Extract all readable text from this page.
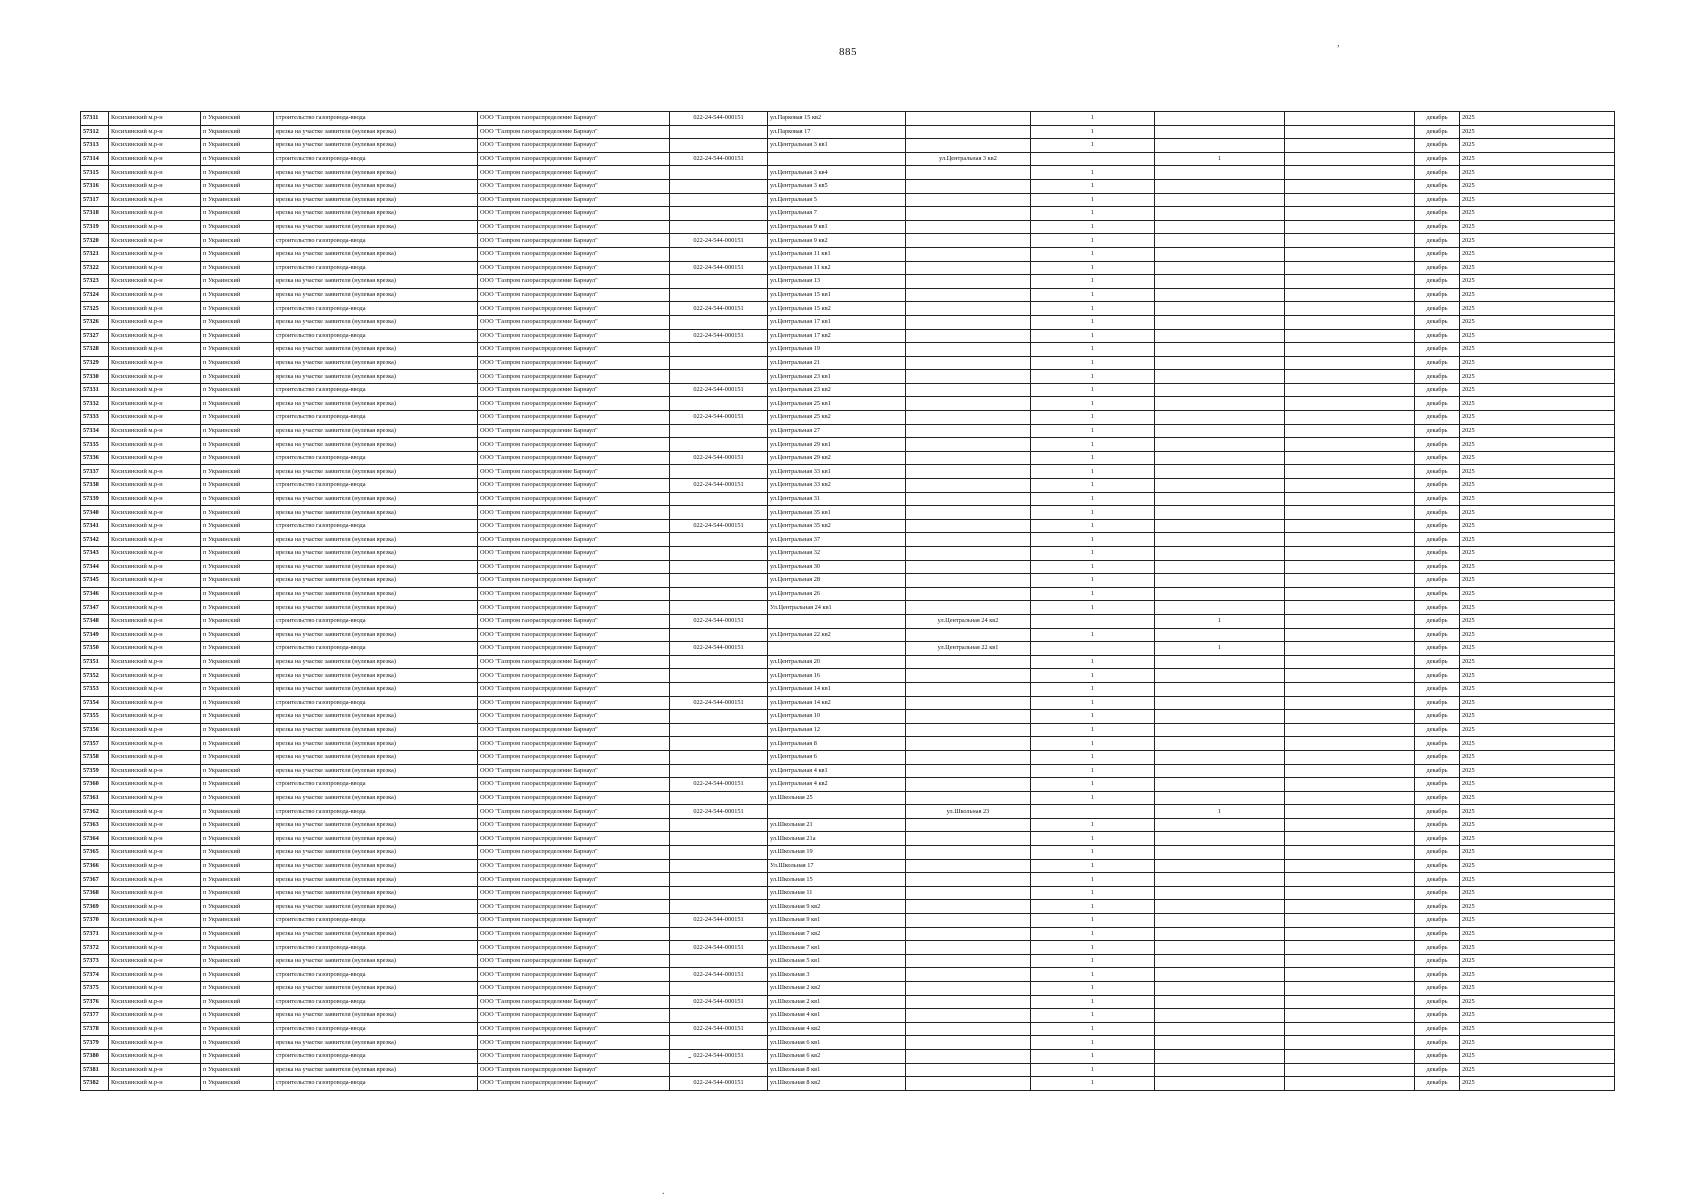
885
57311	Косихинский м.р-н	п Украинский	строительство газопровода-ввода	ООО "Газпром газораспределение Барнаул"	022-24-544-000151	ул.Парковая 15 кв2		1			декабрь	2025
57312	Косихинский м.р-н	п Украинский	врезка на участке заявителя (нулевая врезка)	ООО "Газпром газораспределение Барнаул"		ул.Парковая 17		1			декабрь	2025
57313	Косихинский м.р-н	п Украинский	врезка на участке заявителя (нулевая врезка)	ООО "Газпром газораспределение Барнаул"		ул.Центральная 3 кв1		1			декабрь	2025
57314	Косихинский м.р-н	п Украинский	строительство газопровода-ввода	ООО "Газпром газораспределение Барнаул"	022-24-544-000151		ул.Центральная 3 кв2		1		декабрь	2025
57315	Косихинский м.р-н	п Украинский	врезка на участке заявителя (нулевая врезка)	ООО "Газпром газораспределение Барнаул"		ул.Центральная 3 кв4		1			декабрь	2025
57316	Косихинский м.р-н	п Украинский	врезка на участке заявителя (нулевая врезка)	ООО "Газпром газораспределение Барнаул"		ул.Центральная 3 кв5		1			декабрь	2025
57317	Косихинский м.р-н	п Украинский	врезка на участке заявителя (нулевая врезка)	ООО "Газпром газораспределение Барнаул"		ул.Центральная 5		1			декабрь	2025
57318	Косихинский м.р-н	п Украинский	врезка на участке заявителя (нулевая врезка)	ООО "Газпром газораспределение Барнаул"		ул.Центральная 7		1			декабрь	2025
57319	Косихинский м.р-н	п Украинский	врезка на участке заявителя (нулевая врезка)	ООО "Газпром газораспределение Барнаул"		ул.Центральная 9 кв1		1			декабрь	2025
57320	Косихинский м.р-н	п Украинский	строительство газопровода-ввода	ООО "Газпром газораспределение Барнаул"	022-24-544-000151	ул.Центральная 9 кв2		1			декабрь	2025
57321	Косихинский м.р-н	п Украинский	врезка на участке заявителя (нулевая врезка)	ООО "Газпром газораспределение Барнаул"		ул.Центральная 11 кв1		1			декабрь	2025
57322	Косихинский м.р-н	п Украинский	строительство газопровода-ввода	ООО "Газпром газораспределение Барнаул"	022-24-544-000151	ул.Центральная 11 кв2		1			декабрь	2025
57323	Косихинский м.р-н	п Украинский	врезка на участке заявителя (нулевая врезка)	ООО "Газпром газораспределение Барнаул"		ул.Центральная 13		1			декабрь	2025
57324	Косихинский м.р-н	п Украинский	врезка на участке заявителя (нулевая врезка)	ООО "Газпром газораспределение Барнаул"		ул.Центральная 15 кв1		1			декабрь	2025
57325	Косихинский м.р-н	п Украинский	строительство газопровода-ввода	ООО "Газпром газораспределение Барнаул"	022-24-544-000151	ул.Центральная 15 кв2		1			декабрь	2025
57326	Косихинский м.р-н	п Украинский	врезка на участке заявителя (нулевая врезка)	ООО "Газпром газораспределение Барнаул"		ул.Центральная 17 кв1		1			декабрь	2025
57327	Косихинский м.р-н	п Украинский	строительство газопровода-ввода	ООО "Газпром газораспределение Барнаул"	022-24-544-000151	ул.Центральная 17 кв2		1			декабрь	2025
57328	Косихинский м.р-н	п Украинский	врезка на участке заявителя (нулевая врезка)	ООО "Газпром газораспределение Барнаул"		ул.Центральная 19		1			декабрь	2025
57329	Косихинский м.р-н	п Украинский	врезка на участке заявителя (нулевая врезка)	ООО "Газпром газораспределение Барнаул"		ул.Центральная 21		1			декабрь	2025
57330	Косихинский м.р-н	п Украинский	врезка на участке заявителя (нулевая врезка)	ООО "Газпром газораспределение Барнаул"		ул.Центральная 23 кв1		1			декабрь	2025
57331	Косихинский м.р-н	п Украинский	строительство газопровода-ввода	ООО "Газпром газораспределение Барнаул"	022-24-544-000151	ул.Центральная 23 кв2		1			декабрь	2025
57332	Косихинский м.р-н	п Украинский	врезка на участке заявителя (нулевая врезка)	ООО "Газпром газораспределение Барнаул"		ул.Центральная 25 кв1		1			декабрь	2025
57333	Косихинский м.р-н	п Украинский	строительство газопровода-ввода	ООО "Газпром газораспределение Барнаул"	022-24-544-000151	ул.Центральная 25 кв2		1			декабрь	2025
57334	Косихинский м.р-н	п Украинский	врезка на участке заявителя (нулевая врезка)	ООО "Газпром газораспределение Барнаул"		ул.Центральная 27		1			декабрь	2025
57335	Косихинский м.р-н	п Украинский	врезка на участке заявителя (нулевая врезка)	ООО "Газпром газораспределение Барнаул"		ул.Центральная 29 кв1		1			декабрь	2025
57336	Косихинский м.р-н	п Украинский	строительство газопровода-ввода	ООО "Газпром газораспределение Барнаул"	022-24-544-000151	ул.Центральная 29 кв2		1			декабрь	2025
57337	Косихинский м.р-н	п Украинский	врезка на участке заявителя (нулевая врезка)	ООО "Газпром газораспределение Барнаул"		ул.Центральная 33 кв1		1			декабрь	2025
57338	Косихинский м.р-н	п Украинский	строительство газопровода-ввода	ООО "Газпром газораспределение Барнаул"	022-24-544-000151	ул.Центральная 33 кв2		1			декабрь	2025
57339	Косихинский м.р-н	п Украинский	врезка на участке заявителя (нулевая врезка)	ООО "Газпром газораспределение Барнаул"		ул.Центральная 31		1			декабрь	2025
57340	Косихинский м.р-н	п Украинский	врезка на участке заявителя (нулевая врезка)	ООО "Газпром газораспределение Барнаул"		ул.Центральная 35 кв1		1			декабрь	2025
57341	Косихинский м.р-н	п Украинский	строительство газопровода-ввода	ООО "Газпром газораспределение Барнаул"	022-24-544-000151	ул.Центральная 35 кв2		1			декабрь	2025
57342	Косихинский м.р-н	п Украинский	врезка на участке заявителя (нулевая врезка)	ООО "Газпром газораспределение Барнаул"		ул.Центральная 37		1			декабрь	2025
57343	Косихинский м.р-н	п Украинский	врезка на участке заявителя (нулевая врезка)	ООО "Газпром газораспределение Барнаул"		ул.Центральная 32		1			декабрь	2025
57344	Косихинский м.р-н	п Украинский	врезка на участке заявителя (нулевая врезка)	ООО "Газпром газораспределение Барнаул"		ул.Центральная 30		1			декабрь	2025
57345	Косихинский м.р-н	п Украинский	врезка на участке заявителя (нулевая врезка)	ООО "Газпром газораспределение Барнаул"		ул.Центральная 28		1			декабрь	2025
57346	Косихинский м.р-н	п Украинский	врезка на участке заявителя (нулевая врезка)	ООО "Газпром газораспределение Барнаул"		ул.Центральная 26		1			декабрь	2025
57347	Косихинский м.р-н	п Украинский	врезка на участке заявителя (нулевая врезка)	ООО "Газпром газораспределение Барнаул"		Ул.Центральная 24 кв1		1			декабрь	2025
57348	Косихинский м.р-н	п Украинский	строительство газопровода-ввода	ООО "Газпром газораспределение Барнаул"	022-24-544-000151		ул.Центральная 24 кв2		1		декабрь	2025
57349	Косихинский м.р-н	п Украинский	врезка на участке заявителя (нулевая врезка)	ООО "Газпром газораспределение Барнаул"		ул.Центральная 22 кв2		1			декабрь	2025
57350	Косихинский м.р-н	п Украинский	строительство газопровода-ввода	ООО "Газпром газораспределение Барнаул"	022-24-544-000151		ул.Центральная 22 кв1		1		декабрь	2025
57351	Косихинский м.р-н	п Украинский	врезка на участке заявителя (нулевая врезка)	ООО "Газпром газораспределение Барнаул"		ул.Центральная 20		1			декабрь	2025
57352	Косихинский м.р-н	п Украинский	врезка на участке заявителя (нулевая врезка)	ООО "Газпром газораспределение Барнаул"		ул.Центральная 16		1			декабрь	2025
57353	Косихинский м.р-н	п Украинский	врезка на участке заявителя (нулевая врезка)	ООО "Газпром газораспределение Барнаул"		ул.Центральная 14 кв1		1			декабрь	2025
57354	Косихинский м.р-н	п Украинский	строительство газопровода-ввода	ООО "Газпром газораспределение Барнаул"	022-24-544-000151	ул.Центральная 14 кв2		1			декабрь	2025
57355	Косихинский м.р-н	п Украинский	врезка на участке заявителя (нулевая врезка)	ООО "Газпром газораспределение Барнаул"		ул.Центральная 10		1			декабрь	2025
57356	Косихинский м.р-н	п Украинский	врезка на участке заявителя (нулевая врезка)	ООО "Газпром газораспределение Барнаул"		ул.Центральная 12		1			декабрь	2025
57357	Косихинский м.р-н	п Украинский	врезка на участке заявителя (нулевая врезка)	ООО "Газпром газораспределение Барнаул"		ул.Центральная 8		1			декабрь	2025
57358	Косихинский м.р-н	п Украинский	врезка на участке заявителя (нулевая врезка)	ООО "Газпром газораспределение Барнаул"		ул.Центральная 6		1			декабрь	2025
57359	Косихинский м.р-н	п Украинский	врезка на участке заявителя (нулевая врезка)	ООО "Газпром газораспределение Барнаул"		ул.Центральная 4 кв1		1			декабрь	2025
57360	Косихинский м.р-н	п Украинский	строительство газопровода-ввода	ООО "Газпром газораспределение Барнаул"	022-24-544-000151	ул.Центральная 4 кв2		1			декабрь	2025
57361	Косихинский м.р-н	п Украинский	врезка на участке заявителя (нулевая врезка)	ООО "Газпром газораспределение Барнаул"		ул.Школьная 25		1			декабрь	2025
57362	Косихинский м.р-н	п Украинский	строительство газопровода-ввода	ООО "Газпром газораспределение Барнаул"	022-24-544-000151		ул.Школьная 23		1		декабрь	2025
57363	Косихинский м.р-н	п Украинский	врезка на участке заявителя (нулевая врезка)	ООО "Газпром газораспределение Барнаул"		ул.Школьная 21		1			декабрь	2025
57364	Косихинский м.р-н	п Украинский	врезка на участке заявителя (нулевая врезка)	ООО "Газпром газораспределение Барнаул"		ул.Школьная 21а		1			декабрь	2025
57365	Косихинский м.р-н	п Украинский	врезка на участке заявителя (нулевая врезка)	ООО "Газпром газораспределение Барнаул"		ул.Школьная 19		1			декабрь	2025
57366	Косихинский м.р-н	п Украинский	врезка на участке заявителя (нулевая врезка)	ООО "Газпром газораспределение Барнаул"		Ул.Школьная 17		1			декабрь	2025
57367	Косихинский м.р-н	п Украинский	врезка на участке заявителя (нулевая врезка)	ООО "Газпром газораспределение Барнаул"		ул.Школьная 15		1			декабрь	2025
57368	Косихинский м.р-н	п Украинский	врезка на участке заявителя (нулевая врезка)	ООО "Газпром газораспределение Барнаул"		ул.Школьная 11		1			декабрь	2025
57369	Косихинский м.р-н	п Украинский	врезка на участке заявителя (нулевая врезка)	ООО "Газпром газораспределение Барнаул"		ул.Школьная 9 кв2		1			декабрь	2025
57370	Косихинский м.р-н	п Украинский	строительство газопровода-ввода	ООО "Газпром газораспределение Барнаул"	022-24-544-000151	ул.Школьная 9 кв1		1			декабрь	2025
57371	Косихинский м.р-н	п Украинский	врезка на участке заявителя (нулевая врезка)	ООО "Газпром газораспределение Барнаул"		ул.Школьная 7 кв2		1			декабрь	2025
57372	Косихинский м.р-н	п Украинский	строительство газопровода-ввода	ООО "Газпром газораспределение Барнаул"	022-24-544-000151	ул.Школьная 7 кв1		1			декабрь	2025
57373	Косихинский м.р-н	п Украинский	врезка на участке заявителя (нулевая врезка)	ООО "Газпром газораспределение Барнаул"		ул.Школьная 5 кв1		1			декабрь	2025
57374	Косихинский м.р-н	п Украинский	строительство газопровода-ввода	ООО "Газпром газораспределение Барнаул"	022-24-544-000151	ул.Школьная 3		1			декабрь	2025
57375	Косихинский м.р-н	п Украинский	врезка на участке заявителя (нулевая врезка)	ООО "Газпром газораспределение Барнаул"		ул.Школьная 2 кв2		1			декабрь	2025
57376	Косихинский м.р-н	п Украинский	строительство газопровода-ввода	ООО "Газпром газораспределение Барнаул"	022-24-544-000151	ул.Школьная 2 кв1		1			декабрь	2025
57377	Косихинский м.р-н	п Украинский	врезка на участке заявителя (нулевая врезка)	ООО "Газпром газораспределение Барнаул"		ул.Школьная 4 кв1		1			декабрь	2025
57378	Косихинский м.р-н	п Украинский	строительство газопровода-ввода	ООО "Газпром газораспределение Барнаул"	022-24-544-000151	ул.Школьная 4 кв2		1			декабрь	2025
57379	Косихинский м.р-н	п Украинский	врезка на участке заявителя (нулевая врезка)	ООО "Газпром газораспределение Барнаул"		ул.Школьная 6 кв1		1			декабрь	2025
57380	Косихинский м.р-н	п Украинский	строительство газопровода-ввода	ООО "Газпром газораспределение Барнаул"	022-24-544-000151	ул.Школьная 6 кв2		1			декабрь	2025
57381	Косихинский м.р-н	п Украинский	врезка на участке заявителя (нулевая врезка)	ООО "Газпром газораспределение Барнаул"		ул.Школьная 8 кв1		1			декабрь	2025
57382	Косихинский м.р-н	п Украинский	строительство газопровода-ввода	ООО "Газпром газораспределение Барнаул"	022-24-544-000151	ул.Школьная 8 кв2		1			декабрь	2025
,
-
.
